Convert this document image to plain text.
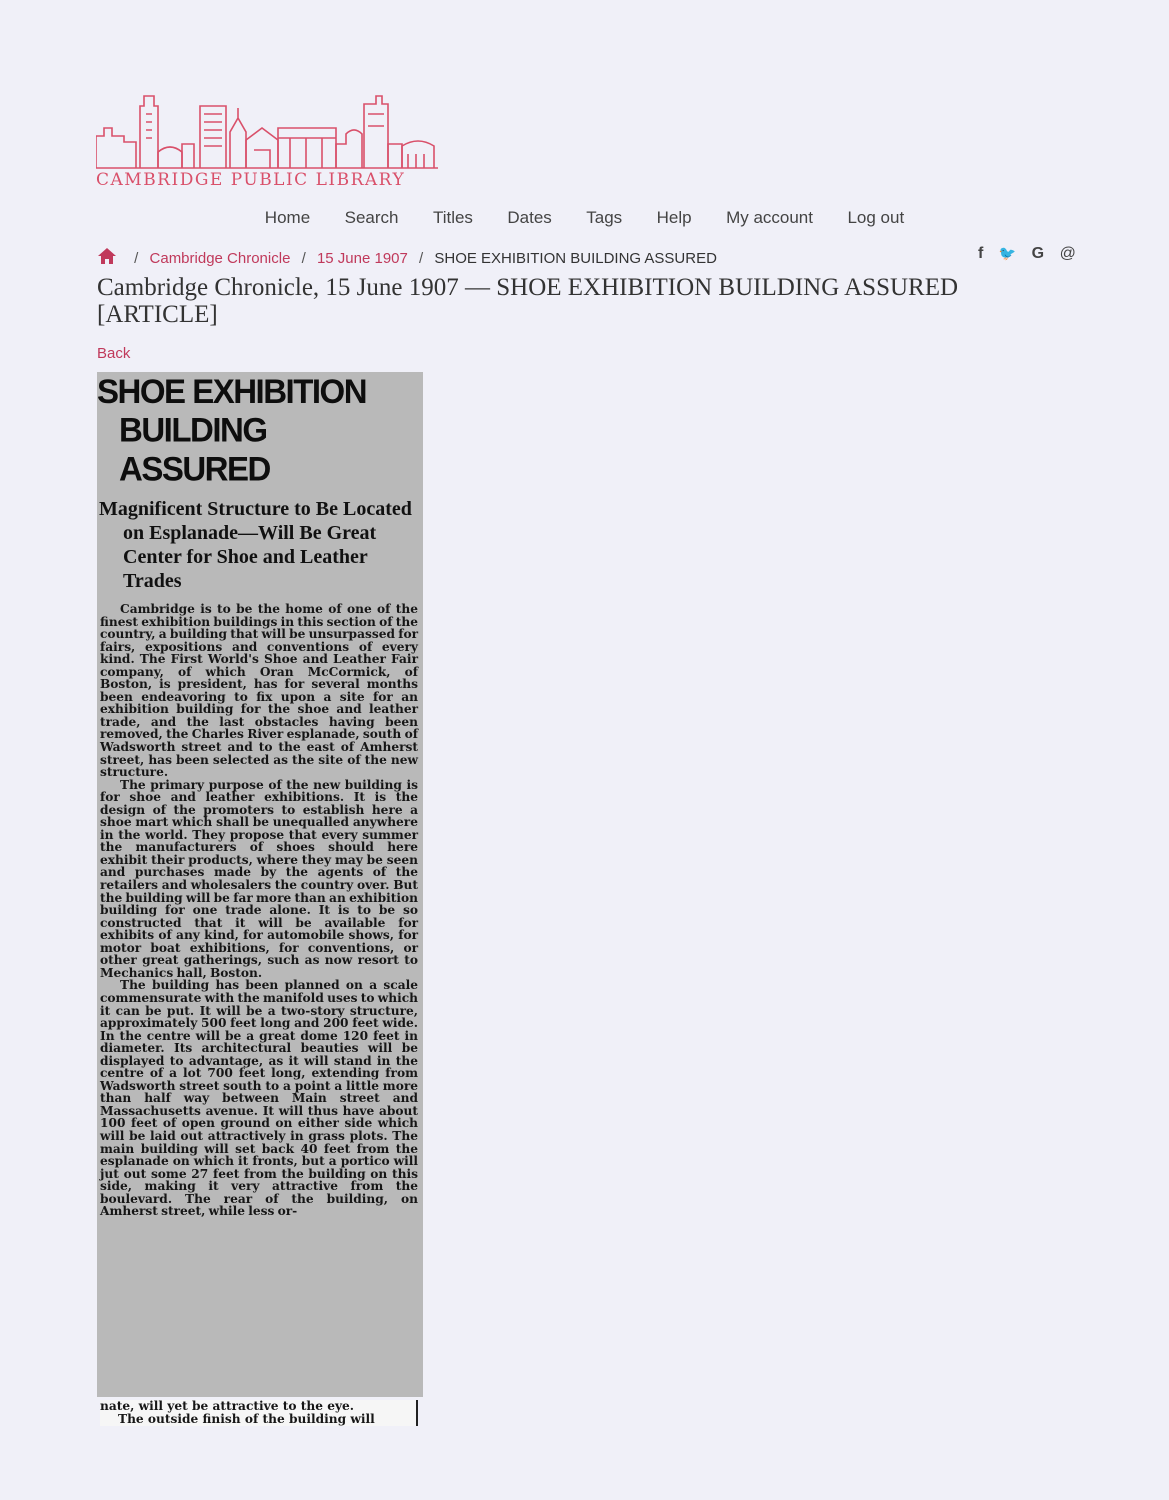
CAMBRIDGE PUBLIC LIBRARY
Home Search Titles Dates Tags Help My account Log out
/ Cambridge Chronicle / 15 June 1907 / SHOE EXHIBITION BUILDING ASSURED	f 🐦 G @
Cambridge Chronicle, 15 June 1907 — SHOE EXHIBITION BUILDING ASSURED [ARTICLE]
Back
SHOE EXHIBITION
BUILDING ASSURED
Magnificent Structure to Be Located
on Esplanade—Will Be Great Center for Shoe and Leather Trades

Cambridge is to be the home of one of the finest exhibition buildings in this section of the country, a building that will be unsurpassed for fairs, expositions and conventions of every kind. The First World's Shoe and Leather Fair company, of which Oran McCormick, of Boston, is president, has for several months been endeavoring to fix upon a site for an exhibition building for the shoe and leather trade, and the last obstacles having been removed, the Charles River esplanade, south of Wadsworth street and to the east of Amherst street, has been selected as the site of the new structure.

The primary purpose of the new building is for shoe and leather exhibitions. It is the design of the promoters to establish here a shoe mart which shall be unequalled anywhere in the world. They propose that every summer the manufacturers of shoes should here exhibit their products, where they may be seen and purchases made by the agents of the retailers and wholesalers the country over. But the building will be far more than an exhibition building for one trade alone. It is to be so constructed that it will be available for exhibits of any kind, for automobile shows, for motor boat exhibitions, for conventions, or other great gatherings, such as now resort to Mechanics hall, Boston.

The building has been planned on a scale commensurate with the manifold uses to which it can be put. It will be a two-story structure, approximately 500 feet long and 200 feet wide. In the centre will be a great dome 120 feet in diameter. Its architectural beauties will be displayed to advantage, as it will stand in the centre of a lot 700 feet long, extending from Wadsworth street south to a point a little more than half way between Main street and Massachusetts avenue. It will thus have about 100 feet of open ground on either side which will be laid out attractively in grass plots. The main building will set back 40 feet from the esplanade on which it fronts, but a portico will jut out some 27 feet from the building on this side, making it very attractive from the boulevard. The rear of the building, on Amherst street, while less or-

nate, will yet be attractive to the eye.
The outside finish of the building will
